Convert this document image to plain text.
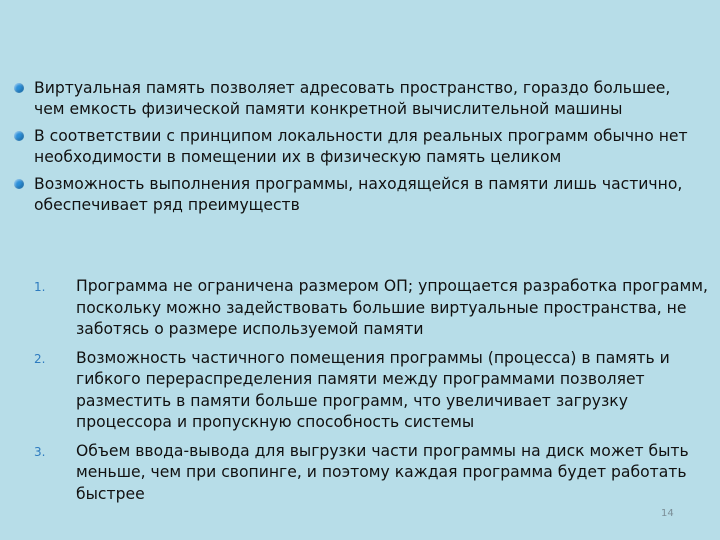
Виртуальная память позволяет адресовать пространство, гораздо большее, чем емкость физической памяти конкретной вычислительной машины
В соответствии с принципом локальности для реальных программ обычно нет необходимости в помещении их в физическую память целиком
Возможность выполнения программы, находящейся в памяти лишь частично, обеспечивает ряд преимуществ
1. Программа не ограничена размером ОП; упрощается разработка программ, поскольку можно задействовать большие виртуальные пространства, не заботясь о размере используемой памяти
2. Возможность частичного помещения программы (процесса) в память и гибкого перераспределения памяти между программами позволяет разместить в памяти больше программ, что увеличивает загрузку процессора и пропускную способность системы
3. Объем ввода-вывода для выгрузки части программы на диск может быть меньше, чем при свопинге, и поэтому каждая программа будет работать быстрее
14
